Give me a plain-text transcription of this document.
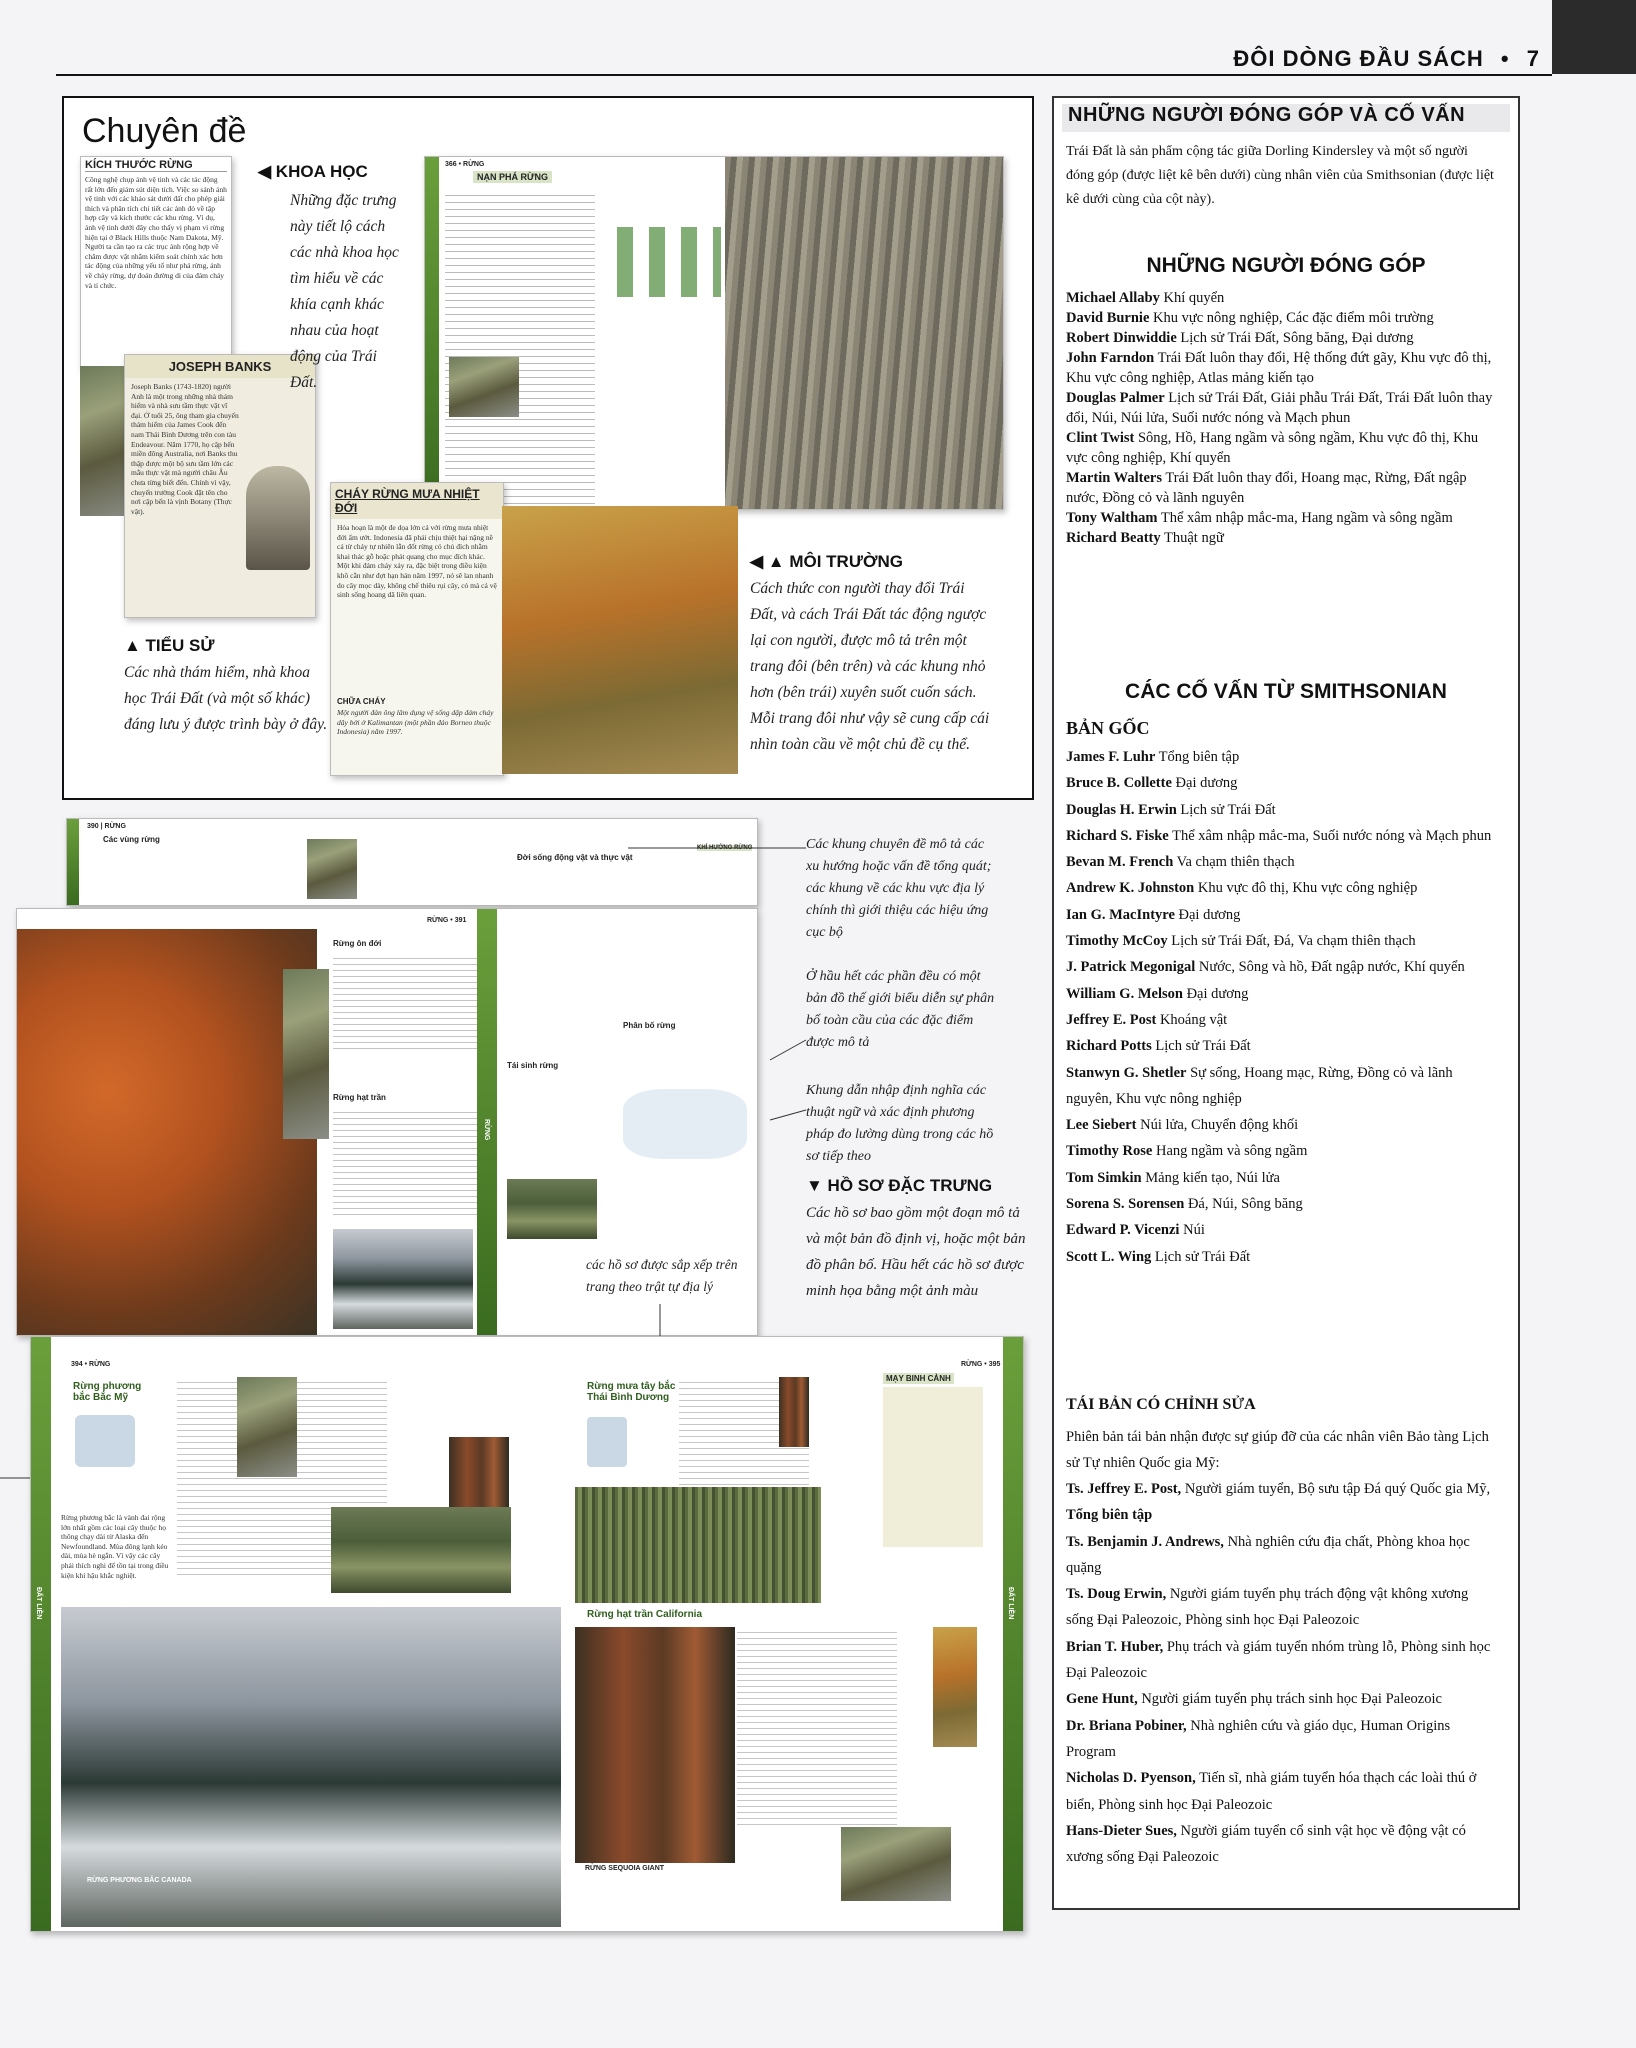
ĐÔI DÒNG ĐẦU SÁCH • 7
Chuyên đề
KÍCH THƯỚC RỪNG
Công nghệ chụp ảnh vệ tinh và các tác động rất lớn đến giảm sút diện tích. Việc so sánh ảnh vệ tinh với các khảo sát dưới đất cho phép giải thích và phân tích chi tiết các ảnh đó về tập hợp cây và kích thước các khu rừng. Vì dụ, ảnh vệ tinh dưới đây cho thấy vị phạm vi rừng hiện tại ở Black Hills thuộc Nam Dakota, Mỹ. Người ta cần tạo ra các trục ảnh rộng hợp về chăm được vật nhằm kiểm soát chính xác hơn tác động của những yếu tố như phá rừng, ảnh về cháy rừng, dự đoán đường di của đám cháy và tỉ chức.
JOSEPH BANKS
Joseph Banks (1743-1820) người Anh là một trong những nhà thám hiểm và nhà sưu tầm thực vật vĩ đại. Ở tuổi 25, ông tham gia chuyến thám hiểm của James Cook đến nam Thái Bình Dương trên con tàu Endeavour. Năm 1770, họ cập bến miền đông Australia, nơi Banks thu thập được một bộ sưu tầm lớn các mẫu thực vật mà người châu Âu chưa từng biết đến. Chính vì vậy, chuyến trường Cook đặt tên cho nơi cập bến là vịnh Botany (Thực vật).
◀ KHOA HỌC
Những đặc trưng này tiết lộ cách các nhà khoa học tìm hiểu về các khía cạnh khác nhau của hoạt động của Trái Đất.
▲ TIỂU SỬ
Các nhà thám hiểm, nhà khoa học Trái Đất (và một số khác) đáng lưu ý được trình bày ở đây.
366 • RỪNG
NẠN PHÁ RỪNG
CHÁY RỪNG MƯA NHIỆT ĐỚI
Hỏa hoạn là một đe dọa lớn cả với rừng mưa nhiệt đới ẩm ướt. Indonesia đã phải chịu thiệt hại nặng nề cả từ cháy tự nhiên lẫn đốt rừng có chủ đích nhằm khai thác gỗ hoặc phát quang cho mục đích khác. Một khi đám cháy xảy ra, đặc biệt trong điều kiện khô cằn như đợt hạn hán năm 1997, nó sẽ lan nhanh do cây mọc dày, không chế thiêu rụi cây, cỏ mà cả vệ sinh sống hoang dã liên quan.
CHỮA CHÁY
Một người đàn ông lâm dụng vệ sống dập đám cháy dây bởi ở Kalimantan (một phần đảo Borneo thuộc Indonesia) năm 1997.
◀ ▲ MÔI TRƯỜNG
Cách thức con người thay đổi Trái Đất, và cách Trái Đất tác động ngược lại con người, được mô tả trên một trang đôi (bên trên) và các khung nhỏ hơn (bên trái) xuyên suốt cuốn sách. Mỗi trang đôi như vậy sẽ cung cấp cái nhìn toàn cầu về một chủ đề cụ thể.
390 | RỪNG
Các vùng rừng
Đời sống động vật và thực vật
KHÍ HƯỚNG RỪNG
RỪNG • 391
Rừng ôn đới
Rừng hạt trần
RỪNG
Tái sinh rừng
Phân bố rừng
Các khung chuyên đề mô tả các xu hướng hoặc vấn đề tổng quát; các khung về các khu vực địa lý chính thì giới thiệu các hiệu ứng cục bộ
Ở hầu hết các phần đều có một bản đồ thế giới biểu diễn sự phân bố toàn cầu của các đặc điểm được mô tả
Khung dẫn nhập định nghĩa các thuật ngữ và xác định phương pháp đo lường dùng trong các hồ sơ tiếp theo
▼ HỒ SƠ ĐẶC TRƯNG
Các hồ sơ bao gồm một đoạn mô tả và một bản đồ định vị, hoặc một bản đồ phân bố. Hầu hết các hồ sơ được minh họa bằng một ảnh màu
các hồ sơ được sắp xếp trên trang theo trật tự địa lý
394 • RỪNG
Rừng phương bắc Bắc Mỹ
Rừng phương bắc là vành đai rộng lớn nhất gồm các loại cây thuộc họ thông chạy dài từ Alaska đến Newfoundland. Mùa đông lạnh kéo dài, mùa hè ngắn. Vì vậy các cây phải thích nghi để tồn tại trong điều kiện khí hậu khắc nghiệt.
RỪNG PHƯƠNG BẮC CANADA
ĐẤT LIỀN
RỪNG • 395
Rừng mưa tây bắc Thái Bình Dương
MẠY BINH CẢNH
Rừng hạt trần California
RỪNG SEQUOIA GIANT
ĐẤT LIỀN
NHỮNG NGƯỜI ĐÓNG GÓP VÀ CỐ VẤN
Trái Đất là sản phẩm cộng tác giữa Dorling Kindersley và một số người đóng góp (được liệt kê bên dưới) cùng nhân viên của Smithsonian (được liệt kê dưới cùng của cột này).
NHỮNG NGƯỜI ĐÓNG GÓP
Michael Allaby Khí quyển
David Burnie Khu vực nông nghiệp, Các đặc điểm môi trường
Robert Dinwiddie Lịch sử Trái Đất, Sông băng, Đại dương
John Farndon Trái Đất luôn thay đổi, Hệ thống đứt gãy, Khu vực đô thị, Khu vực công nghiệp, Atlas mảng kiến tạo
Douglas Palmer Lịch sử Trái Đất, Giải phẫu Trái Đất, Trái Đất luôn thay đổi, Núi, Núi lửa, Suối nước nóng và Mạch phun
Clint Twist Sông, Hồ, Hang ngầm và sông ngầm, Khu vực đô thị, Khu vực công nghiệp, Khí quyển
Martin Walters Trái Đất luôn thay đổi, Hoang mạc, Rừng, Đất ngập nước, Đồng cỏ và lãnh nguyên
Tony Waltham Thể xâm nhập mắc-ma, Hang ngầm và sông ngầm
Richard Beatty Thuật ngữ
CÁC CỐ VẤN TỪ SMITHSONIAN
BẢN GỐC
James F. Luhr Tổng biên tập
Bruce B. Collette Đại dương
Douglas H. Erwin Lịch sử Trái Đất
Richard S. Fiske Thể xâm nhập mắc-ma, Suối nước nóng và Mạch phun
Bevan M. French Va chạm thiên thạch
Andrew K. Johnston Khu vực đô thị, Khu vực công nghiệp
Ian G. MacIntyre Đại dương
Timothy McCoy Lịch sử Trái Đất, Đá, Va chạm thiên thạch
J. Patrick Megonigal Nước, Sông và hồ, Đất ngập nước, Khí quyển
William G. Melson Đại dương
Jeffrey E. Post Khoáng vật
Richard Potts Lịch sử Trái Đất
Stanwyn G. Shetler Sự sống, Hoang mạc, Rừng, Đồng cỏ và lãnh nguyên, Khu vực nông nghiệp
Lee Siebert Núi lửa, Chuyển động khối
Timothy Rose Hang ngầm và sông ngầm
Tom Simkin Mảng kiến tạo, Núi lửa
Sorena S. Sorensen Đá, Núi, Sông băng
Edward P. Vicenzi Núi
Scott L. Wing Lịch sử Trái Đất
TÁI BẢN CÓ CHỈNH SỬA
Phiên bản tái bản nhận được sự giúp đỡ của các nhân viên Bảo tàng Lịch sử Tự nhiên Quốc gia Mỹ:
Ts. Jeffrey E. Post, Người giám tuyển, Bộ sưu tập Đá quý Quốc gia Mỹ, Tổng biên tập
Ts. Benjamin J. Andrews, Nhà nghiên cứu địa chất, Phòng khoa học quặng
Ts. Doug Erwin, Người giám tuyển phụ trách động vật không xương sống Đại Paleozoic, Phòng sinh học Đại Paleozoic
Brian T. Huber, Phụ trách và giám tuyển nhóm trùng lỗ, Phòng sinh học Đại Paleozoic
Gene Hunt, Người giám tuyển phụ trách sinh học Đại Paleozoic
Dr. Briana Pobiner, Nhà nghiên cứu và giáo dục, Human Origins Program
Nicholas D. Pyenson, Tiến sĩ, nhà giám tuyển hóa thạch các loài thú ở biển, Phòng sinh học Đại Paleozoic
Hans-Dieter Sues, Người giám tuyển cổ sinh vật học về động vật có xương sống Đại Paleozoic
